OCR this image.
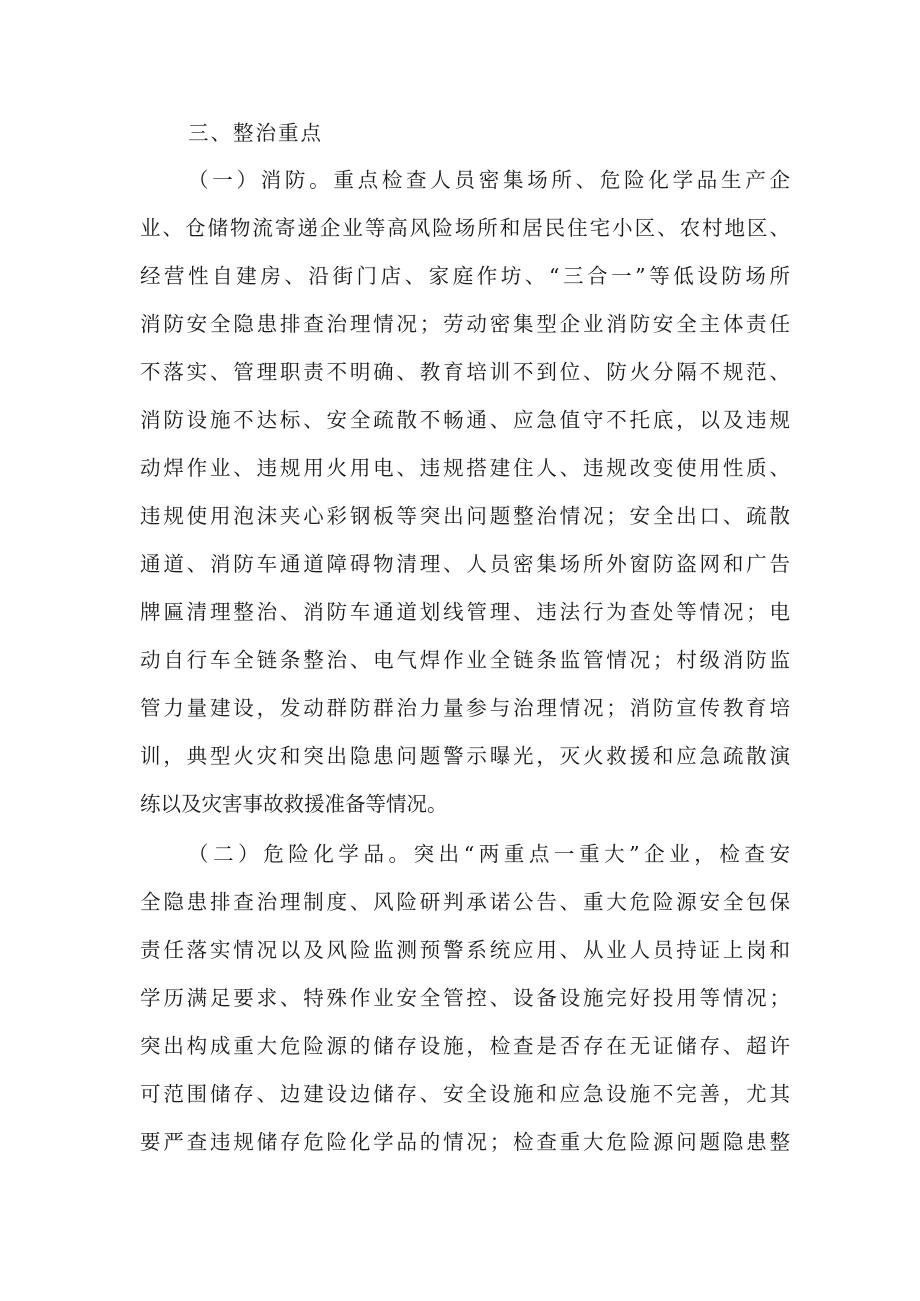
三、整治重点
（一）消防。重点检查人员密集场所、危险化学品生产企
业、仓储物流寄递企业等高风险场所和居民住宅小区、农村地区、
经营性自建房、沿街门店、家庭作坊、“三合一”等低设防场所
消防安全隐患排查治理情况；劳动密集型企业消防安全主体责任
不落实、管理职责不明确、教育培训不到位、防火分隔不规范、
消防设施不达标、安全疏散不畅通、应急值守不托底，以及违规
动焊作业、违规用火用电、违规搭建住人、违规改变使用性质、
违规使用泡沫夹心彩钢板等突出问题整治情况；安全出口、疏散
通道、消防车通道障碍物清理、人员密集场所外窗防盗网和广告
牌匾清理整治、消防车通道划线管理、违法行为查处等情况；电
动自行车全链条整治、电气焊作业全链条监管情况；村级消防监
管力量建设，发动群防群治力量参与治理情况；消防宣传教育培
训，典型火灾和突出隐患问题警示曝光，灭火救援和应急疏散演
练以及灾害事故救援准备等情况。
（二）危险化学品。突出“两重点一重大”企业，检查安
全隐患排查治理制度、风险研判承诺公告、重大危险源安全包保
责任落实情况以及风险监测预警系统应用、从业人员持证上岗和
学历满足要求、特殊作业安全管控、设备设施完好投用等情况；
突出构成重大危险源的储存设施，检查是否存在无证储存、超许
可范围储存、边建设边储存、安全设施和应急设施不完善，尤其
要严查违规储存危险化学品的情况；检查重大危险源问题隐患整
